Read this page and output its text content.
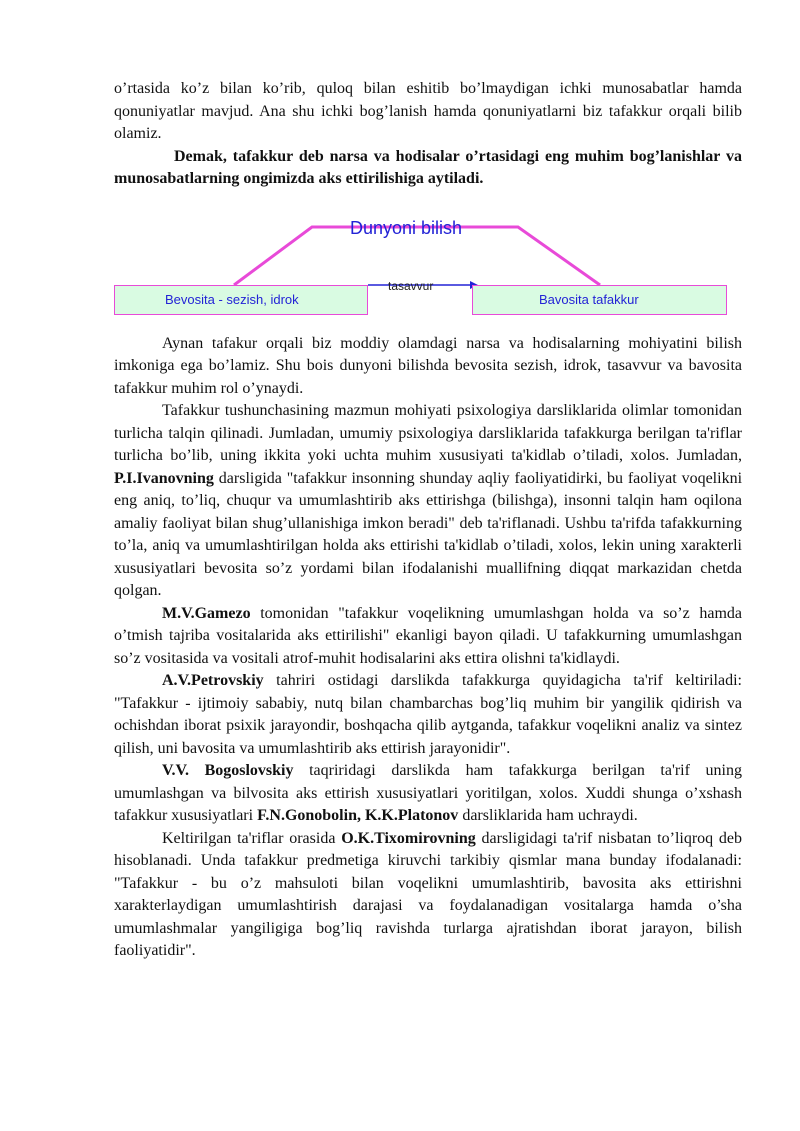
o’rtasida ko’z bilan ko’rib, quloq bilan eshitib bo’lmaydigan ichki munosabatlar hamda qonuniyatlar mavjud. Ana shu ichki bog’lanish hamda qonuniyatlarni biz tafakkur orqali bilib olamiz.

Demak, tafakkur deb narsa va hodisalar o’rtasidagi eng muhim bog’lanishlar va munosabatlarning ongimizda aks ettirilishiga aytiladi.

Dunyoni bilish
tasavvur
Bevosita - sezish, idrok	Bavosita tafakkur

Aynan tafakur orqali biz moddiy olamdagi narsa va hodisalarning mohiyatini bilish imkoniga ega bo’lamiz. Shu bois dunyoni bilishda bevosita sezish, idrok, tasavvur va bavosita tafakkur muhim rol o’ynaydi.

Tafakkur tushunchasining mazmun mohiyati psixologiya darsliklarida olimlar tomonidan turlicha talqin qilinadi. Jumladan, umumiy psixologiya darsliklarida tafakkurga berilgan ta'riflar turlicha bo’lib, uning ikkita yoki uchta muhim xususiyati ta'kidlab o’tiladi, xolos. Jumladan, P.I.Ivanovning darsligida "tafakkur insonning shunday aqliy faoliyatidirki, bu faoliyat voqelikni eng aniq, to’liq, chuqur va umumlashtirib aks ettirishga (bilishga), insonni talqin ham oqilona amaliy faoliyat bilan shug’ullanishiga imkon beradi" deb ta'riflanadi. Ushbu ta'rifda tafakkurning to’la, aniq va umumlashtirilgan holda aks ettirishi ta'kidlab o’tiladi, xolos, lekin uning xarakterli xususiyatlari bevosita so’z yordami bilan ifodalanishi muallifning diqqat markazidan chetda qolgan.

M.V.Gamezo tomonidan "tafakkur voqelikning umumlashgan holda va so’z hamda o’tmish tajriba vositalarida aks ettirilishi" ekanligi bayon qiladi. U tafakkurning umumlashgan so’z vositasida va vositali atrof-muhit hodisalarini aks ettira olishni ta'kidlaydi.

A.V.Petrovskiy tahriri ostidagi darslikda tafakkurga quyidagicha ta'rif keltiriladi: "Tafakkur - ijtimoiy sababiy, nutq bilan chambarchas bog’liq muhim bir yangilik qidirish va ochishdan iborat psixik jarayondir, boshqacha qilib aytganda, tafakkur voqelikni analiz va sintez qilish, uni bavosita va umumlashtirib aks ettirish jarayonidir".

V.V. Bogoslovskiy taqriridagi darslikda ham tafakkurga berilgan ta'rif uning umumlashgan va bilvosita aks ettirish xususiyatlari yoritilgan, xolos. Xuddi shunga o’xshash tafakkur xususiyatlari F.N.Gonobolin, K.K.Platonov darsliklarida ham uchraydi.

Keltirilgan ta'riflar orasida O.K.Tixomirovning darsligidagi ta'rif nisbatan to’liqroq deb hisoblanadi. Unda tafakkur predmetiga kiruvchi tarkibiy qismlar mana bunday ifodalanadi: "Tafakkur - bu o’z mahsuloti bilan voqelikni umumlashtirib, bavosita aks ettirishni xarakterlaydigan umumlashtirish darajasi va foydalanadigan vositalarga hamda o’sha umumlashmalar yangiligiga bog’liq ravishda turlarga ajratishdan iborat jarayon, bilish faoliyatidir".
